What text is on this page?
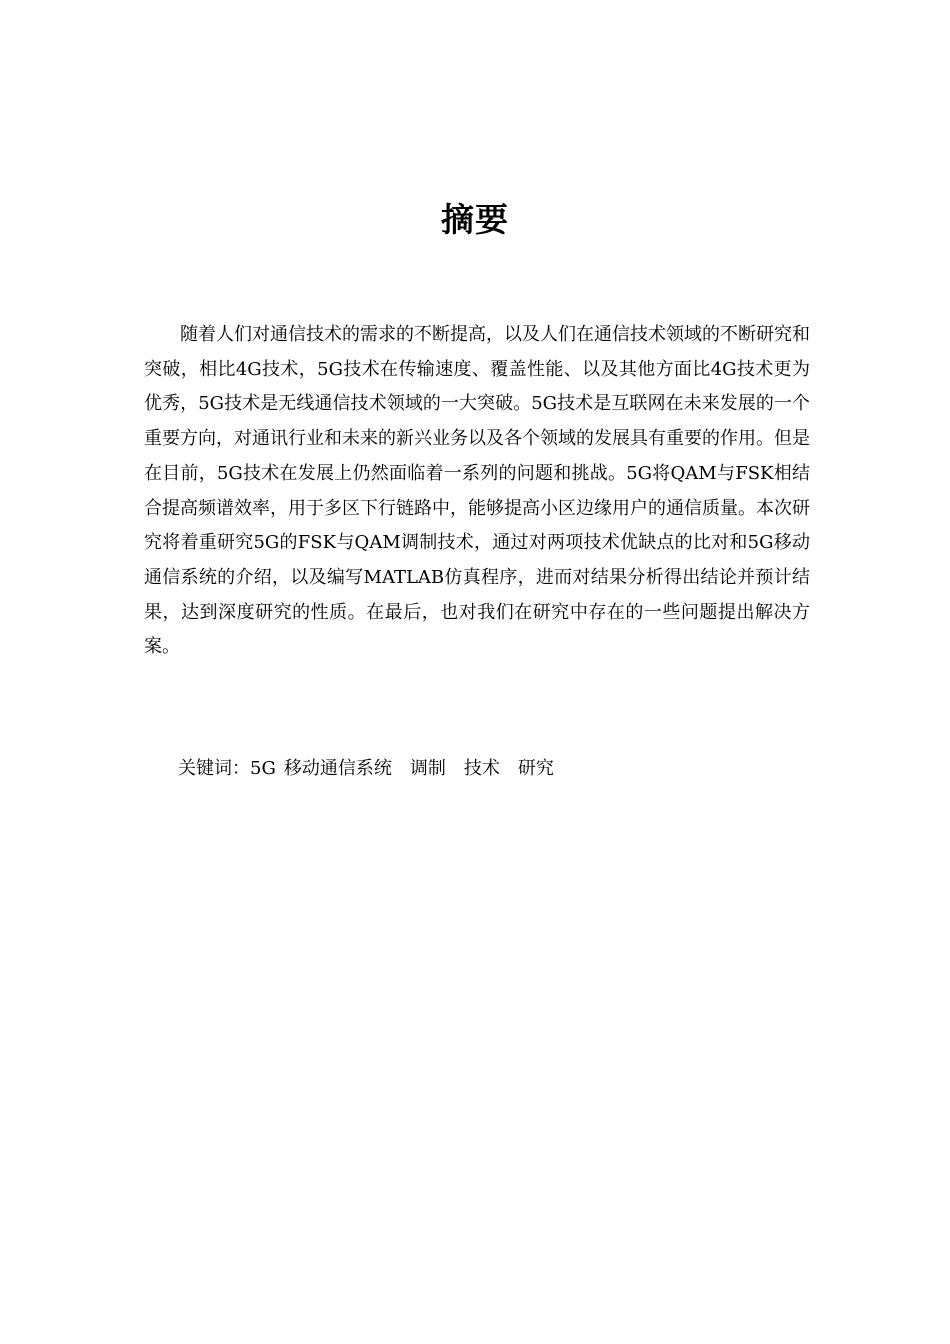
摘要

随着人们对通信技术的需求的不断提高，以及人们在通信技术领域的不断研究和突破，相比4G技术，5G技术在传输速度、覆盖性能、以及其他方面比4G技术更为优秀，5G技术是无线通信技术领域的一大突破。5G技术是互联网在未来发展的一个重要方向，对通讯行业和未来的新兴业务以及各个领域的发展具有重要的作用。但是在目前，5G技术在发展上仍然面临着一系列的问题和挑战。5G将QAM与FSK相结合提高频谱效率，用于多区下行链路中，能够提高小区边缘用户的通信质量。本次研究将着重研究5G的FSK与QAM调制技术，通过对两项技术优缺点的比对和5G移动通信系统的介绍，以及编写MATLAB仿真程序，进而对结果分析得出结论并预计结果，达到深度研究的性质。在最后，也对我们在研究中存在的一些问题提出解决方案。

关键词：5G 移动通信系统 调制 技术 研究
